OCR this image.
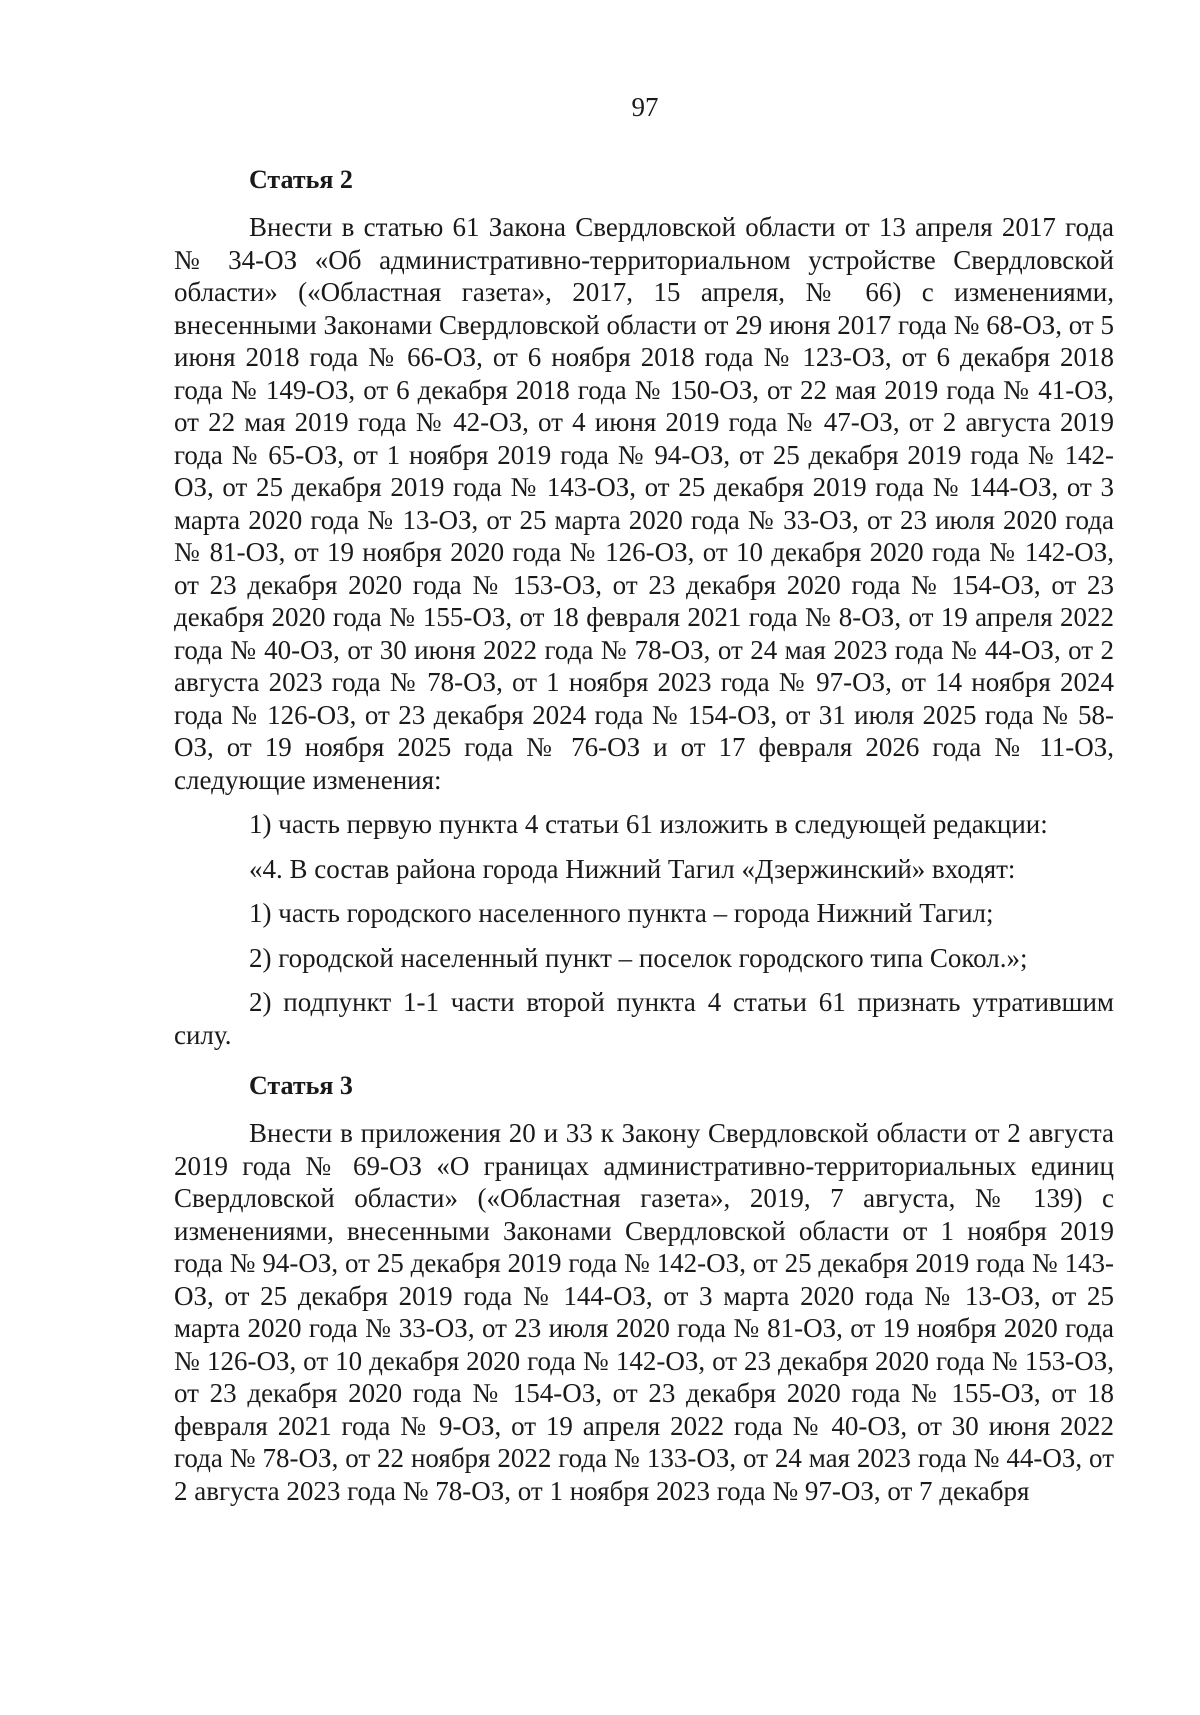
97
Статья 2

Внести в статью 61 Закона Свердловской области от 13 апреля 2017 года № 34-ОЗ «Об административно-территориальном устройстве Свердловской области» («Областная газета», 2017, 15 апреля, № 66) с изменениями, внесенными Законами Свердловской области от 29 июня 2017 года № 68-ОЗ, от 5 июня 2018 года № 66-ОЗ, от 6 ноября 2018 года № 123-ОЗ, от 6 декабря 2018 года № 149-ОЗ, от 6 декабря 2018 года № 150-ОЗ, от 22 мая 2019 года № 41-ОЗ, от 22 мая 2019 года № 42-ОЗ, от 4 июня 2019 года № 47-ОЗ, от 2 августа 2019 года № 65-ОЗ, от 1 ноября 2019 года № 94-ОЗ, от 25 декабря 2019 года № 142-ОЗ, от 25 декабря 2019 года № 143-ОЗ, от 25 декабря 2019 года № 144-ОЗ, от 3 марта 2020 года № 13-ОЗ, от 25 марта 2020 года № 33-ОЗ, от 23 июля 2020 года № 81-ОЗ, от 19 ноября 2020 года № 126-ОЗ, от 10 декабря 2020 года № 142-ОЗ, от 23 декабря 2020 года № 153-ОЗ, от 23 декабря 2020 года № 154-ОЗ, от 23 декабря 2020 года № 155-ОЗ, от 18 февраля 2021 года № 8-ОЗ, от 19 апреля 2022 года № 40-ОЗ, от 30 июня 2022 года № 78-ОЗ, от 24 мая 2023 года № 44-ОЗ, от 2 августа 2023 года № 78-ОЗ, от 1 ноября 2023 года № 97-ОЗ, от 14 ноября 2024 года № 126-ОЗ, от 23 декабря 2024 года № 154-ОЗ, от 31 июля 2025 года № 58-ОЗ, от 19 ноября 2025 года № 76-ОЗ и от 17 февраля 2026 года № 11-ОЗ, следующие изменения:

1) часть первую пункта 4 статьи 61 изложить в следующей редакции:

«4. В состав района города Нижний Тагил «Дзержинский» входят:

1) часть городского населенного пункта – города Нижний Тагил;

2) городской населенный пункт – поселок городского типа Сокол.»;

2) подпункт 1-1 части второй пункта 4 статьи 61 признать утратившим силу.

Статья 3

Внести в приложения 20 и 33 к Закону Свердловской области от 2 августа 2019 года № 69-ОЗ «О границах административно-территориальных единиц Свердловской области» («Областная газета», 2019, 7 августа, № 139) с изменениями, внесенными Законами Свердловской области от 1 ноября 2019 года № 94-ОЗ, от 25 декабря 2019 года № 142-ОЗ, от 25 декабря 2019 года № 143-ОЗ, от 25 декабря 2019 года № 144-ОЗ, от 3 марта 2020 года № 13-ОЗ, от 25 марта 2020 года № 33-ОЗ, от 23 июля 2020 года № 81-ОЗ, от 19 ноября 2020 года № 126-ОЗ, от 10 декабря 2020 года № 142-ОЗ, от 23 декабря 2020 года № 153-ОЗ, от 23 декабря 2020 года № 154-ОЗ, от 23 декабря 2020 года № 155-ОЗ, от 18 февраля 2021 года № 9-ОЗ, от 19 апреля 2022 года № 40-ОЗ, от 30 июня 2022 года № 78-ОЗ, от 22 ноября 2022 года № 133-ОЗ, от 24 мая 2023 года № 44-ОЗ, от 2 августа 2023 года № 78-ОЗ, от 1 ноября 2023 года № 97-ОЗ, от 7 декабря
